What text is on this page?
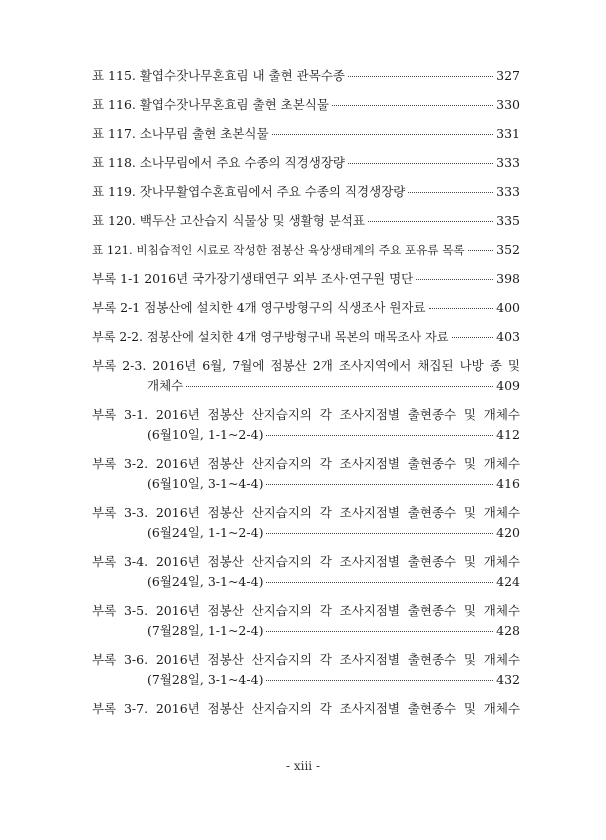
표 115. 활엽수잣나무혼효림 내 출현 관목수종	327
표 116. 활엽수잣나무혼효림 출현 초본식물	330
표 117. 소나무림 출현 초본식물	331
표 118. 소나무림에서 주요 수종의 직경생장량	333
표 119. 잣나무활엽수혼효림에서 주요 수종의 직경생장량	333
표 120. 백두산 고산습지 식물상 및 생활형 분석표	335
표 121. 비침습적인 시료로 작성한 점봉산 육상생태계의 주요 포유류 목록	352
부록 1-1 2016년 국가장기생태연구 외부 조사·연구원 명단	398
부록 2-1 점봉산에 설치한 4개 영구방형구의 식생조사 원자료	400
부록 2-2. 점봉산에 설치한 4개 영구방형구내 목본의 매목조사 자료	403
부록 2-3. 2016년 6월, 7월에 점봉산 2개 조사지역에서 채집된 나방 종 및
개체수	409
부록 3-1. 2016년 점봉산 산지습지의 각 조사지점별 출현종수 및 개체수
(6월10일, 1-1~2-4)	412
부록 3-2. 2016년 점봉산 산지습지의 각 조사지점별 출현종수 및 개체수
(6월10일, 3-1~4-4)	416
부록 3-3. 2016년 점봉산 산지습지의 각 조사지점별 출현종수 및 개체수
(6월24일, 1-1~2-4)	420
부록 3-4. 2016년 점봉산 산지습지의 각 조사지점별 출현종수 및 개체수
(6월24일, 3-1~4-4)	424
부록 3-5. 2016년 점봉산 산지습지의 각 조사지점별 출현종수 및 개체수
(7월28일, 1-1~2-4)	428
부록 3-6. 2016년 점봉산 산지습지의 각 조사지점별 출현종수 및 개체수
(7월28일, 3-1~4-4)	432
부록 3-7. 2016년 점봉산 산지습지의 각 조사지점별 출현종수 및 개체수
- xiii -
